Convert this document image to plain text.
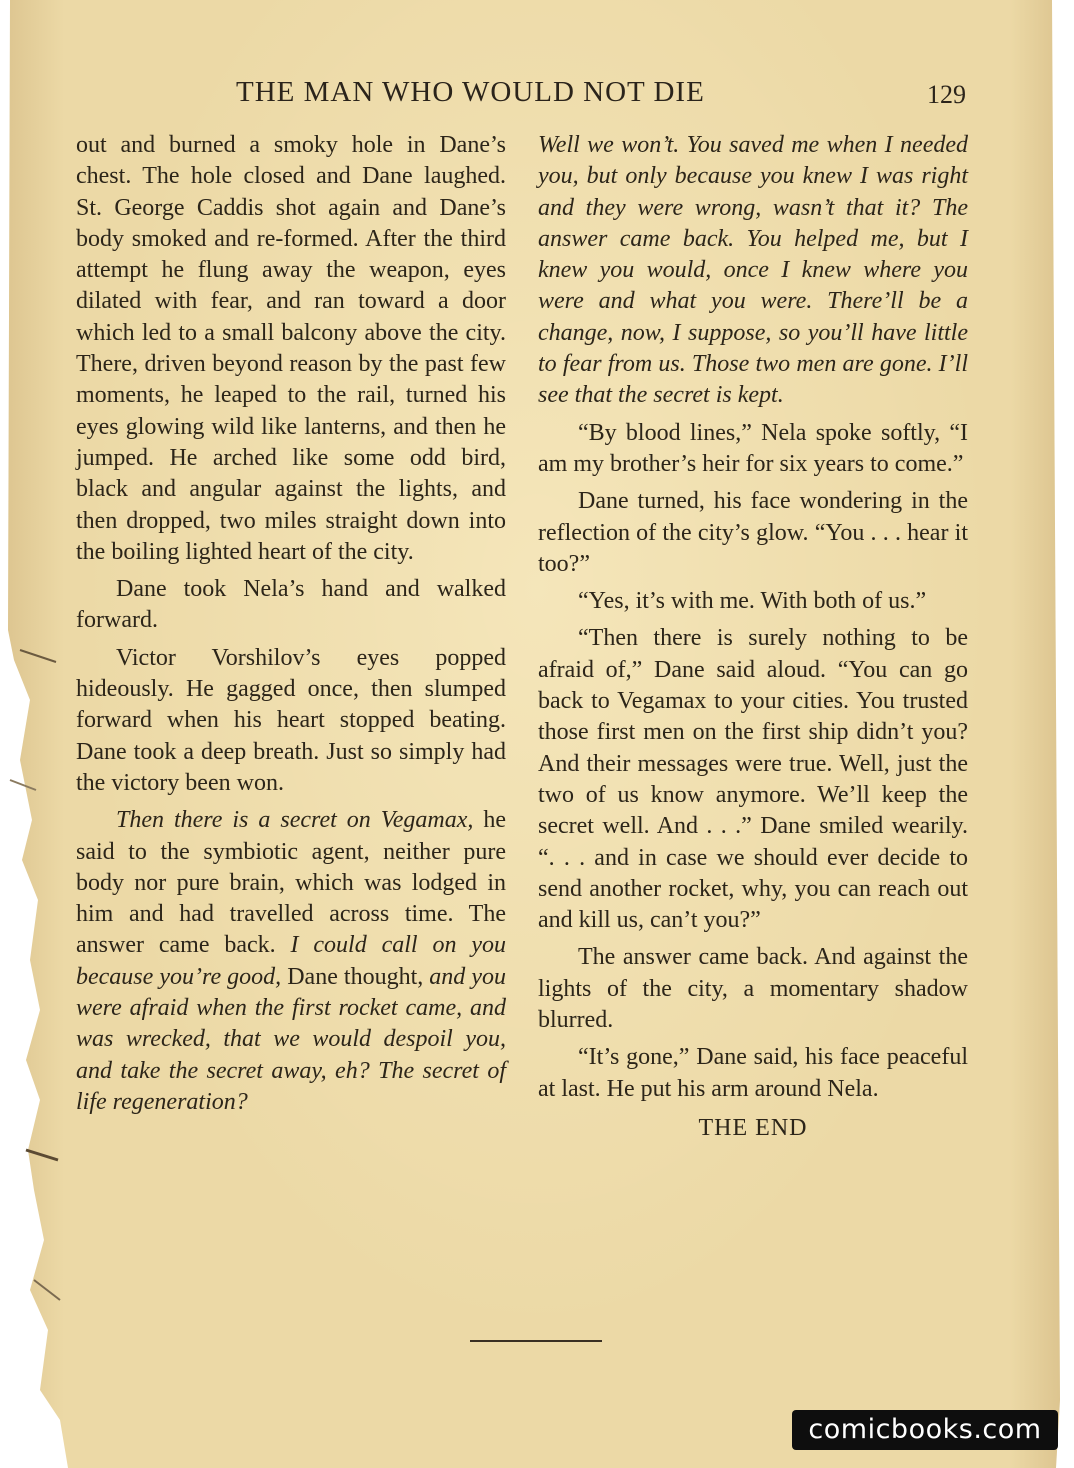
THE MAN WHO WOULD NOT DIE	129

out and burned a smoky hole in Dane’s chest. The hole closed and Dane laughed. St. George Caddis shot again and Dane’s body smoked and re-formed. After the third attempt he flung away the weapon, eyes dilated with fear, and ran toward a door which led to a small balcony above the city. There, driven beyond reason by the past few moments, he leaped to the rail, turned his eyes glowing wild like lanterns, and then he jumped. He arched like some odd bird, black and angular against the lights, and then dropped, two miles straight down into the boiling lighted heart of the city.

Dane took Nela’s hand and walked forward.

Victor Vorshilov’s eyes popped hideously. He gagged once, then slumped forward when his heart stopped beating. Dane took a deep breath. Just so simply had the victory been won.

Then there is a secret on Vegamax, he said to the symbiotic agent, neither pure body nor pure brain, which was lodged in him and had travelled across time. The answer came back. I could call on you because you’re good, Dane thought, and you were afraid when the first rocket came, and was wrecked, that we would despoil you, and take the secret away, eh? The secret of life regeneration?

Well we won’t. You saved me when I needed you, but only because you knew I was right and they were wrong, wasn’t that it? The answer came back. You helped me, but I knew you would, once I knew where you were and what you were. There’ll be a change, now, I suppose, so you’ll have little to fear from us. Those two men are gone. I’ll see that the secret is kept.

“By blood lines,” Nela spoke softly, “I am my brother’s heir for six years to come.”

Dane turned, his face wondering in the reflection of the city’s glow. “You . . . hear it too?”

“Yes, it’s with me. With both of us.”

“Then there is surely nothing to be afraid of,” Dane said aloud. “You can go back to Vegamax to your cities. You trusted those first men on the first ship didn’t you? And their messages were true. Well, just the two of us know anymore. We’ll keep the secret well. And . . .” Dane smiled wearily. “. . . and in case we should ever decide to send another rocket, why, you can reach out and kill us, can’t you?”

The answer came back. And against the lights of the city, a momentary shadow blurred.

“It’s gone,” Dane said, his face peaceful at last. He put his arm around Nela.

THE END
comicbooks.com
